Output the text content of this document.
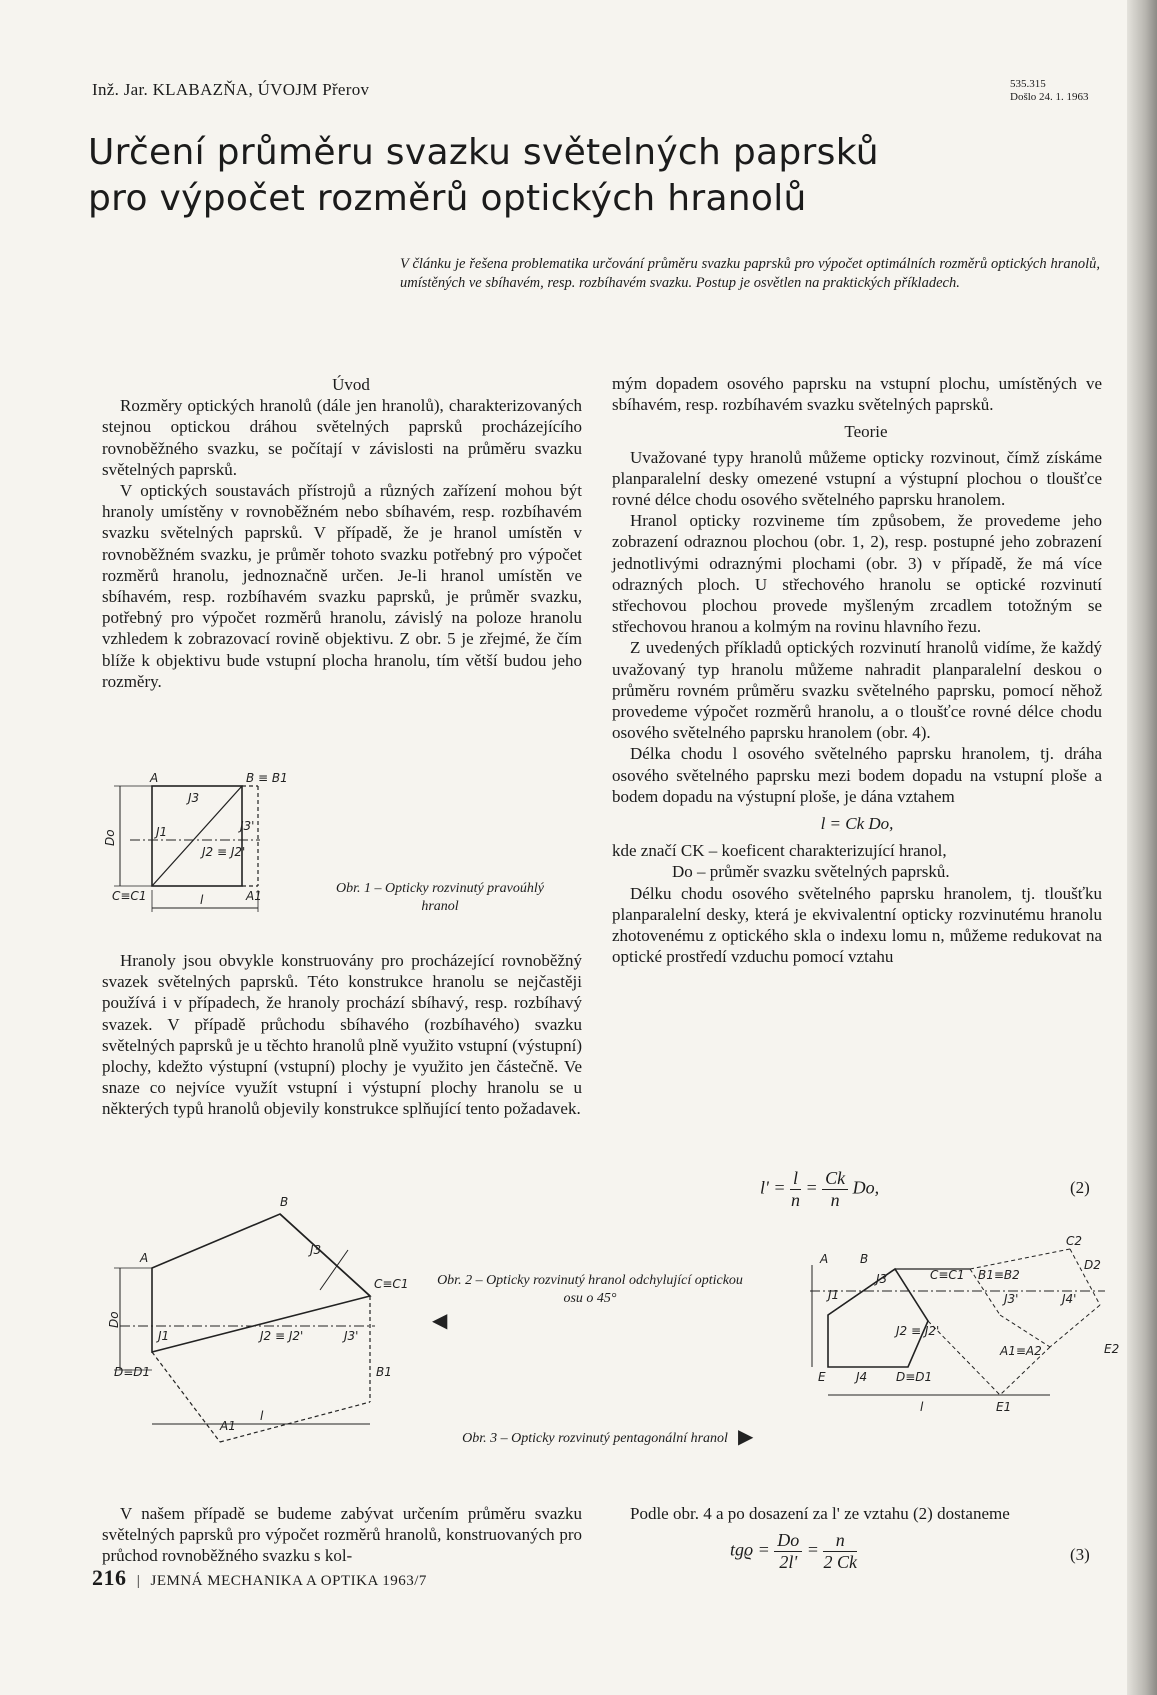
Inž. Jar. KLABAZŇA, ÚVOJM Přerov	535.315
Došlo 24. 1. 1963
Určení průměru svazku světelných paprsků
pro výpočet rozměrů optických hranolů
V článku je řešena problematika určování průměru svazku paprsků pro výpočet optimálních rozměrů optických hranolů, umístěných ve sbíhavém, resp. rozbíhavém svazku. Postup je osvětlen na praktických příkladech.

Úvod

Rozměry optických hranolů (dále jen hranolů), charakterizovaných stejnou optickou dráhou světelných paprsků procházejícího rovnoběžného svazku, se počítají v závislosti na průměru svazku světelných paprsků.

V optických soustavách přístrojů a různých zařízení mohou být hranoly umístěny v rovnoběžném nebo sbíhavém, resp. rozbíhavém svazku světelných paprsků. V případě, že je hranol umístěn v rovnoběžném svazku, je průměr tohoto svazku potřebný pro výpočet rozměrů hranolu, jednoznačně určen. Je-li hranol umístěn ve sbíhavém, resp. rozbíhavém svazku paprsků, je průměr svazku, potřebný pro výpočet rozměrů hranolu, závislý na poloze hranolu vzhledem k zobrazovací rovině objektivu. Z obr. 5 je zřejmé, že čím blíže k objektivu bude vstupní plocha hranolu, tím větší budou jeho rozměry.

A	B ≡ B1
J3
J1	J3'
J2 ≡ J2'
Do
C≡C1	A1
l
Obr. 1 – Opticky rozvinutý pravoúhlý hranol

Hranoly jsou obvykle konstruovány pro procházející rovnoběžný svazek světelných paprsků. Této konstrukce hranolu se nejčastěji používá i v případech, že hranoly prochází sbíhavý, resp. rozbíhavý svazek. V případě průchodu sbíhavého (rozbíhavého) svazku světelných paprsků je u těchto hranolů plně využito vstupní (výstupní) plochy, kdežto výstupní (vstupní) plochy je využito jen částečně. Ve snaze co nejvíce využít vstupní i výstupní plochy hranolu se u některých typů hranolů objevily konstrukce splňující tento požadavek.

A
B
J3
C≡C1
J1	J2 ≡ J2'	J3'
D≡D1	B1
A1
l
Do
Obr. 2 – Opticky rozvinutý hranol odchylující optickou osu o 45°
◀
A	B
J3	C≡C1 B1≡B2
C2
D2
J1	J3'	J4'
J2 ≡ J2'
A1≡A2	E2
E	J4 D≡D1
E1
l
Obr. 3 – Opticky rozvinutý pentagonální hranol ▶

V našem případě se budeme zabývat určením průměru svazku světelných paprsků pro výpočet rozměrů hranolů, konstruovaných pro průchod rovnoběžného svazku s kol-

mým dopadem osového paprsku na vstupní plochu, umístěných ve sbíhavém, resp. rozbíhavém svazku světelných paprsků.

Teorie

Uvažované typy hranolů můžeme opticky rozvinout, čímž získáme planparalelní desky omezené vstupní a výstupní plochou o tloušťce rovné délce chodu osového světelného paprsku hranolem.

Hranol opticky rozvineme tím způsobem, že provedeme jeho zobrazení odraznou plochou (obr. 1, 2), resp. postupné jeho zobrazení jednotlivými odraznými plochami (obr. 3) v případě, že má více odrazných ploch. U střechového hranolu se optické rozvinutí střechovou plochou provede myšleným zrcadlem totožným se střechovou hranou a kolmým na rovinu hlavního řezu.

Z uvedených příkladů optických rozvinutí hranolů vidíme, že každý uvažovaný typ hranolu můžeme nahradit planparalelní deskou o průměru rovném průměru svazku světelného paprsku, pomocí něhož provedeme výpočet rozměrů hranolu, a o tloušťce rovné délce chodu osového světelného paprsku hranolem (obr. 4).

Délka chodu l osového světelného paprsku hranolem, tj. dráha osového světelného paprsku mezi bodem dopadu na vstupní ploše a bodem dopadu na výstupní ploše, je dána vztahem

l = Ck Do,

kde značí CK – koeficent charakterizující hranol,

Do – průměr svazku světelných paprsků.

Délku chodu osového světelného paprsku hranolem, tj. tloušťku planparalelní desky, která je ekvivalentní opticky rozvinutému hranolu zhotovenému z optického skla o indexu lomu n, můžeme redukovat na optické prostředí vzduchu pomocí vztahu

$l' = \frac{l}{n} = \frac{Ck}{n} Do$,	(2)

Podle obr. 4 a po dosazení za l' ze vztahu (2) dostaneme

$tgϱ = \frac{Do}{2l'} = \frac{n}{2 Ck}$	(3)
216 | JEMNÁ MECHANIKA A OPTIKA 1963/7
